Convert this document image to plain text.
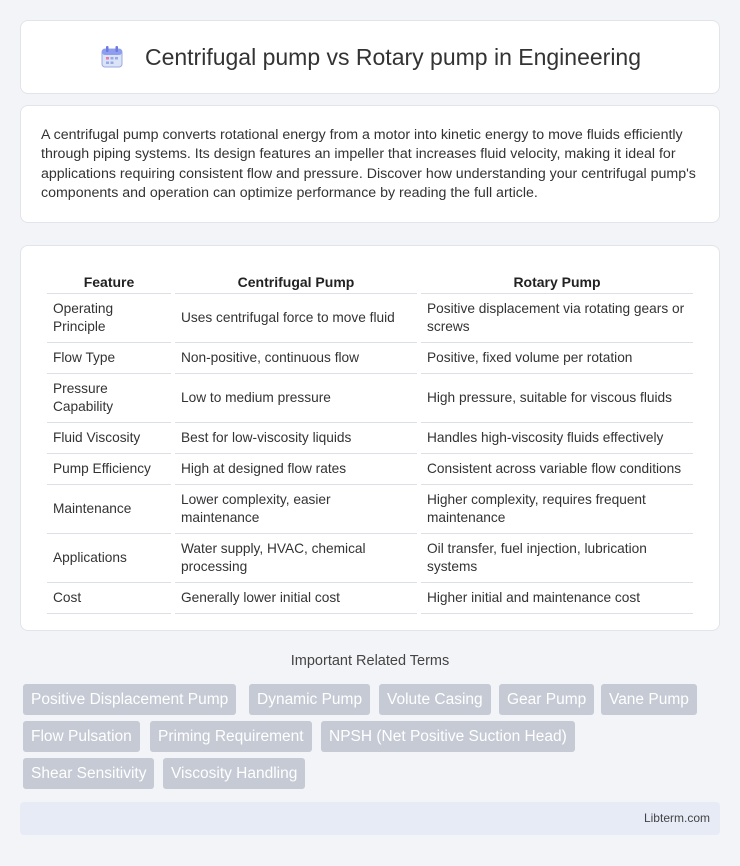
Centrifugal pump vs Rotary pump in Engineering

A centrifugal pump converts rotational energy from a motor into kinetic energy to move fluids efficiently through piping systems. Its design features an impeller that increases fluid velocity, making it ideal for applications requiring consistent flow and pressure. Discover how understanding your centrifugal pump's components and operation can optimize performance by reading the full article.

Feature	Centrifugal Pump	Rotary Pump
Operating Principle	Uses centrifugal force to move fluid	Positive displacement via rotating gears or screws
Flow Type	Non-positive, continuous flow	Positive, fixed volume per rotation
Pressure Capability	Low to medium pressure	High pressure, suitable for viscous fluids
Fluid Viscosity	Best for low-viscosity liquids	Handles high-viscosity fluids effectively
Pump Efficiency	High at designed flow rates	Consistent across variable flow conditions
Maintenance	Lower complexity, easier maintenance	Higher complexity, requires frequent maintenance
Applications	Water supply, HVAC, chemical processing	Oil transfer, fuel injection, lubrication systems
Cost	Generally lower initial cost	Higher initial and maintenance cost
Important Related Terms
Positive Displacement Pump	Dynamic Pump	Volute Casing	Gear Pump	Vane Pump
Flow Pulsation	Priming Requirement	NPSH (Net Positive Suction Head)
Shear Sensitivity	Viscosity Handling
Libterm.com
